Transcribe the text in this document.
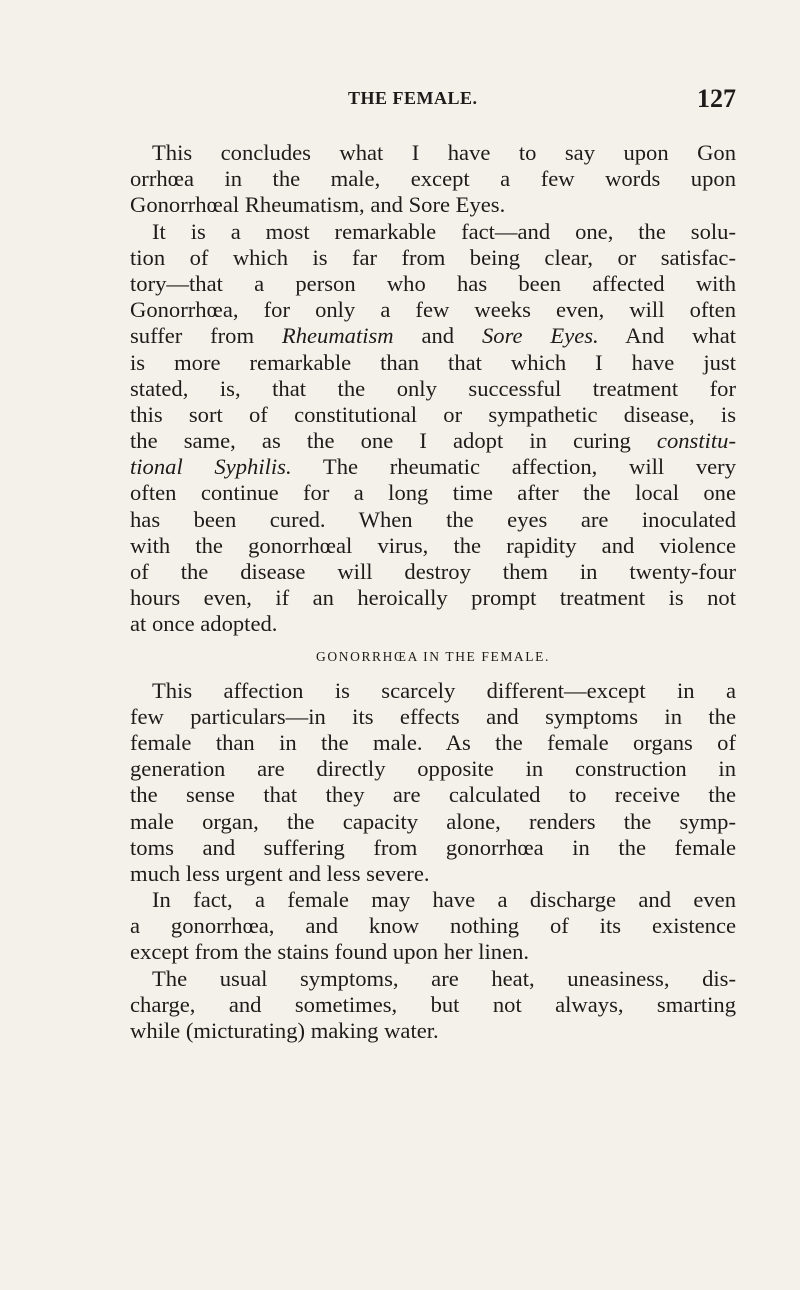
THE FEMALE.	127
This concludes what I have to say upon Gon
orrhœa in the male, except a few words upon
Gonorrhœal Rheumatism, and Sore Eyes.
It is a most remarkable fact—and one, the solu-
tion of which is far from being clear, or satisfac-
tory—that a person who has been affected with
Gonorrhœa, for only a few weeks even, will often
suffer from Rheumatism and Sore Eyes. And what
is more remarkable than that which I have just
stated, is, that the only successful treatment for
this sort of constitutional or sympathetic disease, is
the same, as the one I adopt in curing constitu-
tional Syphilis. The rheumatic affection, will very
often continue for a long time after the local one
has been cured. When the eyes are inoculated
with the gonorrhœal virus, the rapidity and violence
of the disease will destroy them in twenty-four
hours even, if an heroically prompt treatment is not
at once adopted.
GONORRHŒA IN THE FEMALE.
This affection is scarcely different—except in a
few particulars—in its effects and symptoms in the
female than in the male. As the female organs of
generation are directly opposite in construction in
the sense that they are calculated to receive the
male organ, the capacity alone, renders the symp-
toms and suffering from gonorrhœa in the female
much less urgent and less severe.
In fact, a female may have a discharge and even
a gonorrhœa, and know nothing of its existence
except from the stains found upon her linen.
The usual symptoms, are heat, uneasiness, dis-
charge, and sometimes, but not always, smarting
while (micturating) making water.
